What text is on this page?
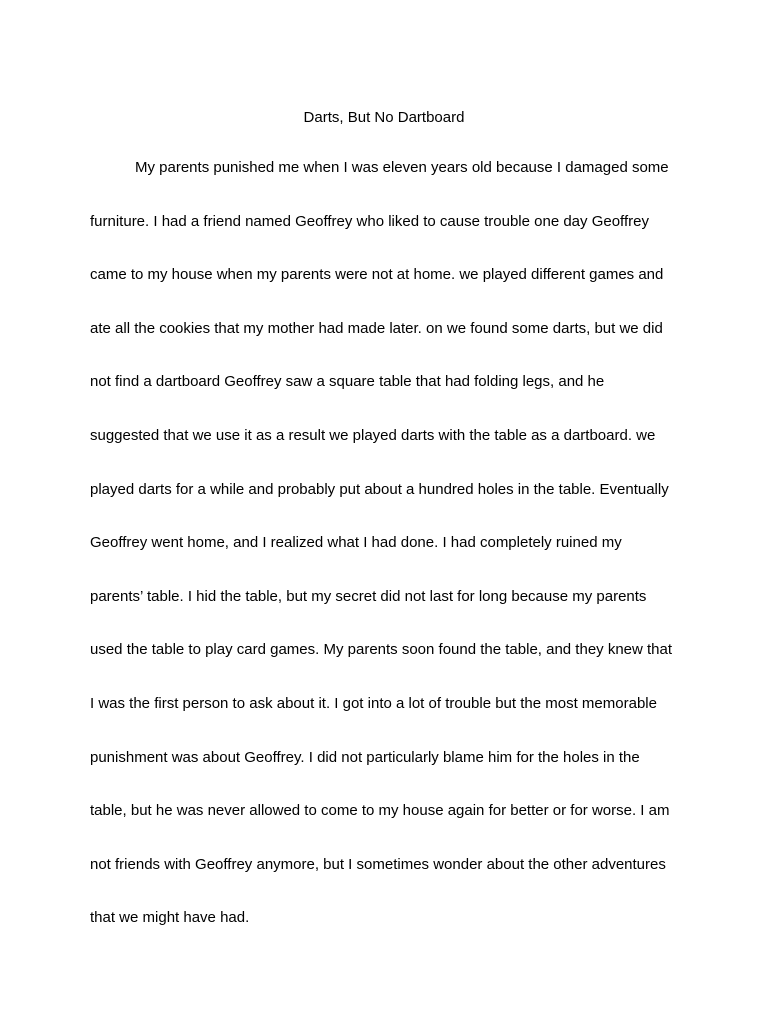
Darts, But No Dartboard
My parents punished me when I was eleven years old because I damaged some
furniture. I had a friend named Geoffrey who liked to cause trouble one day Geoffrey
came to my house when my parents were not at home. we played different games and
ate all the cookies that my mother had made later. on we found some darts, but we did
not find a dartboard Geoffrey saw a square table that had folding legs, and he
suggested that we use it as a result we played darts with the table as a dartboard. we
played darts for a while and probably put about a hundred holes in the table. Eventually
Geoffrey went home, and I realized what I had done. I had completely ruined my
parents’ table. I hid the table, but my secret did not last for long because my parents
used the table to play card games. My parents soon found the table, and they knew that
I was the first person to ask about it. I got into a lot of trouble but the most memorable
punishment was about Geoffrey. I did not particularly blame him for the holes in the
table, but he was never allowed to come to my house again for better or for worse. I am
not friends with Geoffrey anymore, but I sometimes wonder about the other adventures
that we might have had.
